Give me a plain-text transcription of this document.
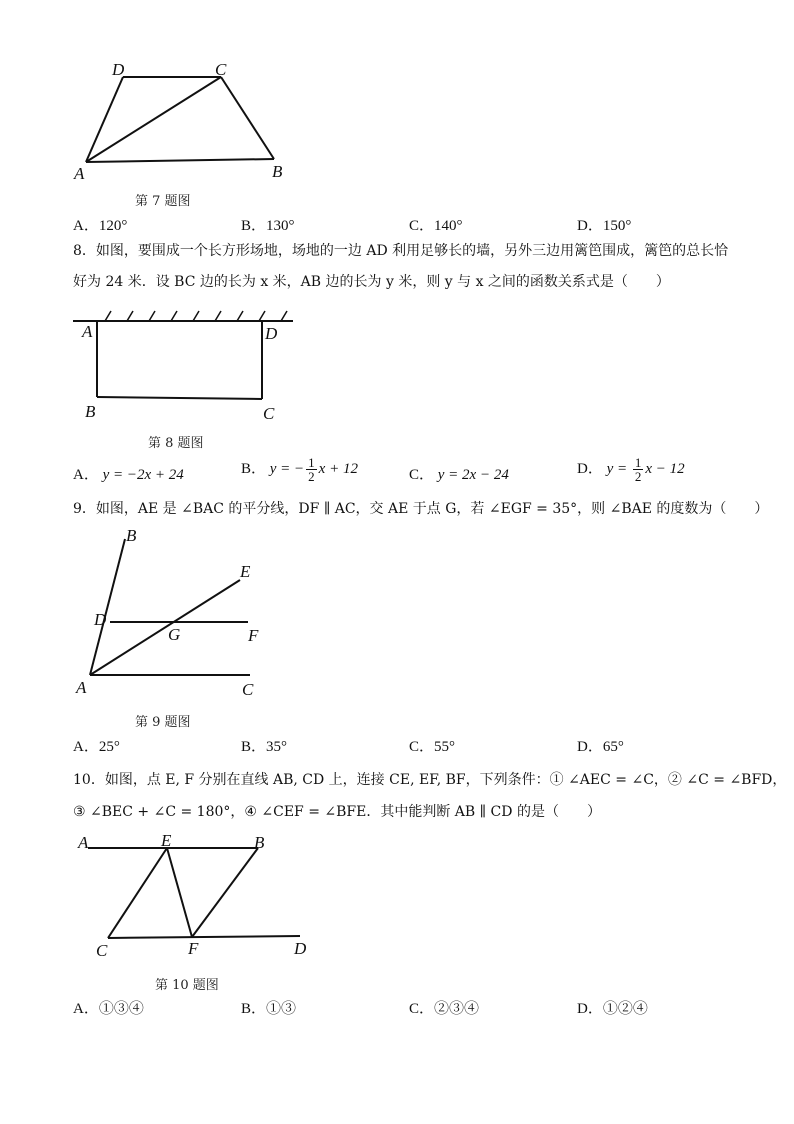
D	C
A	B
第 7 题图
A．120°	B．130°	C．140°	D．150°
8．如图，要围成一个长方形场地，场地的一边 AD 利用足够长的墙，另外三边用篱笆围成，篱笆的总长恰
好为 24 米．设 BC 边的长为 x 米，AB 边的长为 y 米，则 y 与 x 之间的函数关系式是（　　）
A	D
B	C
第 8 题图
A． y = −2x + 24	B． y = − $\frac{1}{2}$ x + 12	C． y = 2x − 24	D． $y = \frac{1}{2}$ x − 12
9．如图，AE 是 ∠BAC 的平分线，DF ∥ AC，交 AE 于点 G，若 ∠EGF = 35°，则 ∠BAE 的度数为（　　）
B
E
D
G	F
A	C
第 9 题图
A．25°	B．35°	C．55°	D．65°
10．如图，点 E, F 分别在直线 AB, CD 上，连接 CE, EF, BF，下列条件：① ∠AEC = ∠C，② ∠C = ∠BFD，
③ ∠BEC + ∠C = 180°，④ ∠CEF = ∠BFE．其中能判断 AB ∥ CD 的是（　　）
A	E	B
C	F	D
第 10 题图
A．①③④	B．①③	C．②③④	D．①②④
